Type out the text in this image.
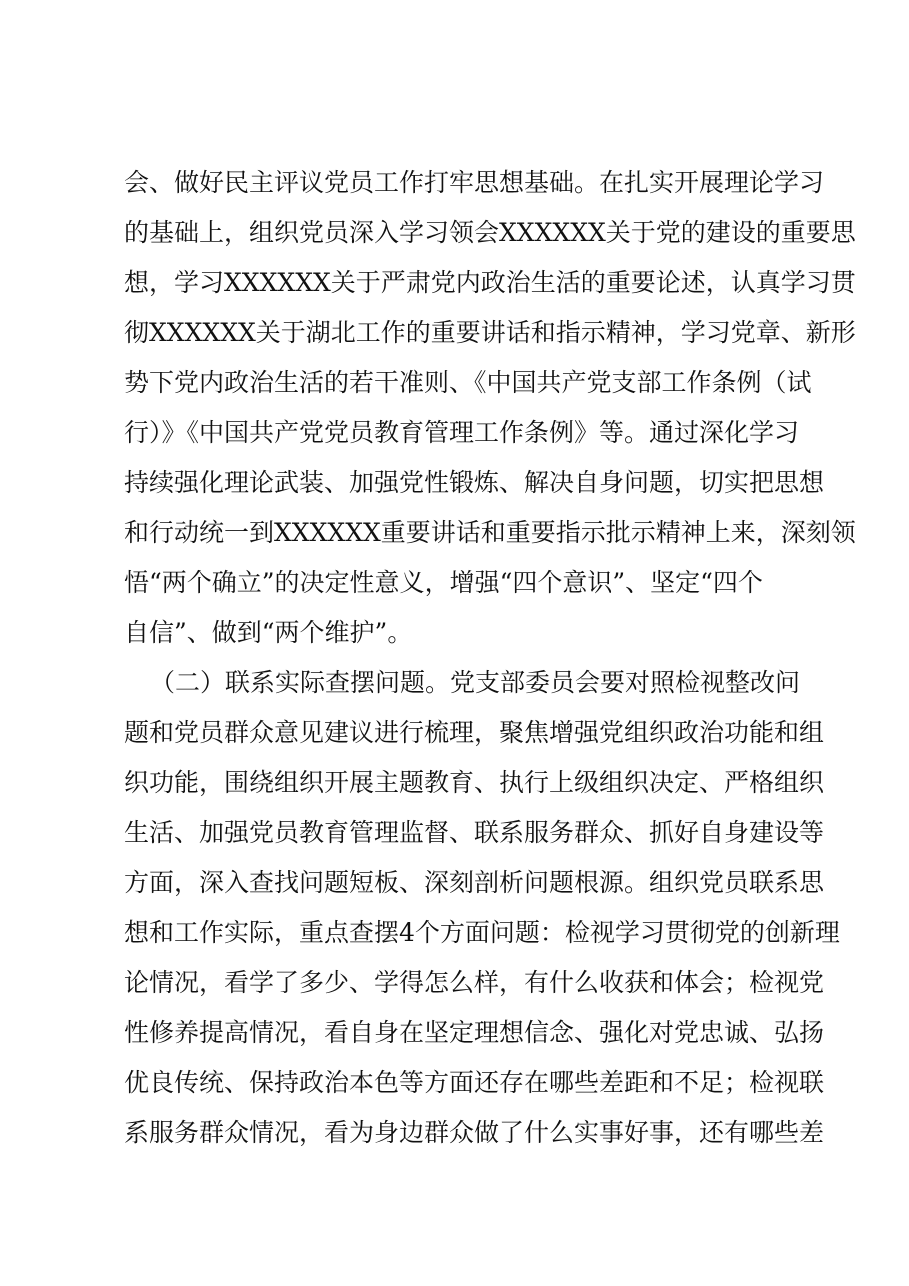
会、做好民主评议党员工作打牢思想基础。在扎实开展理论学习
的基础上，组织党员深入学习领会XXXXXX关于党的建设的重要思
想，学习XXXXXX关于严肃党内政治生活的重要论述，认真学习贯
彻XXXXXX关于湖北工作的重要讲话和指示精神，学习党章、新形
势下党内政治生活的若干准则、《中国共产党支部工作条例（试
行）》《中国共产党党员教育管理工作条例》等。通过深化学习
持续强化理论武装、加强党性锻炼、解决自身问题，切实把思想
和行动统一到XXXXXX重要讲话和重要指示批示精神上来，深刻领
悟“两个确立”的决定性意义，增强“四个意识”、坚定“四个
自信”、做到“两个维护”。
（二）联系实际查摆问题。党支部委员会要对照检视整改问
题和党员群众意见建议进行梳理，聚焦增强党组织政治功能和组
织功能，围绕组织开展主题教育、执行上级组织决定、严格组织
生活、加强党员教育管理监督、联系服务群众、抓好自身建设等
方面，深入查找问题短板、深刻剖析问题根源。组织党员联系思
想和工作实际，重点查摆4个方面问题：检视学习贯彻党的创新理
论情况，看学了多少、学得怎么样，有什么收获和体会；检视党
性修养提高情况，看自身在坚定理想信念、强化对党忠诚、弘扬
优良传统、保持政治本色等方面还存在哪些差距和不足；检视联
系服务群众情况，看为身边群众做了什么实事好事，还有哪些差
